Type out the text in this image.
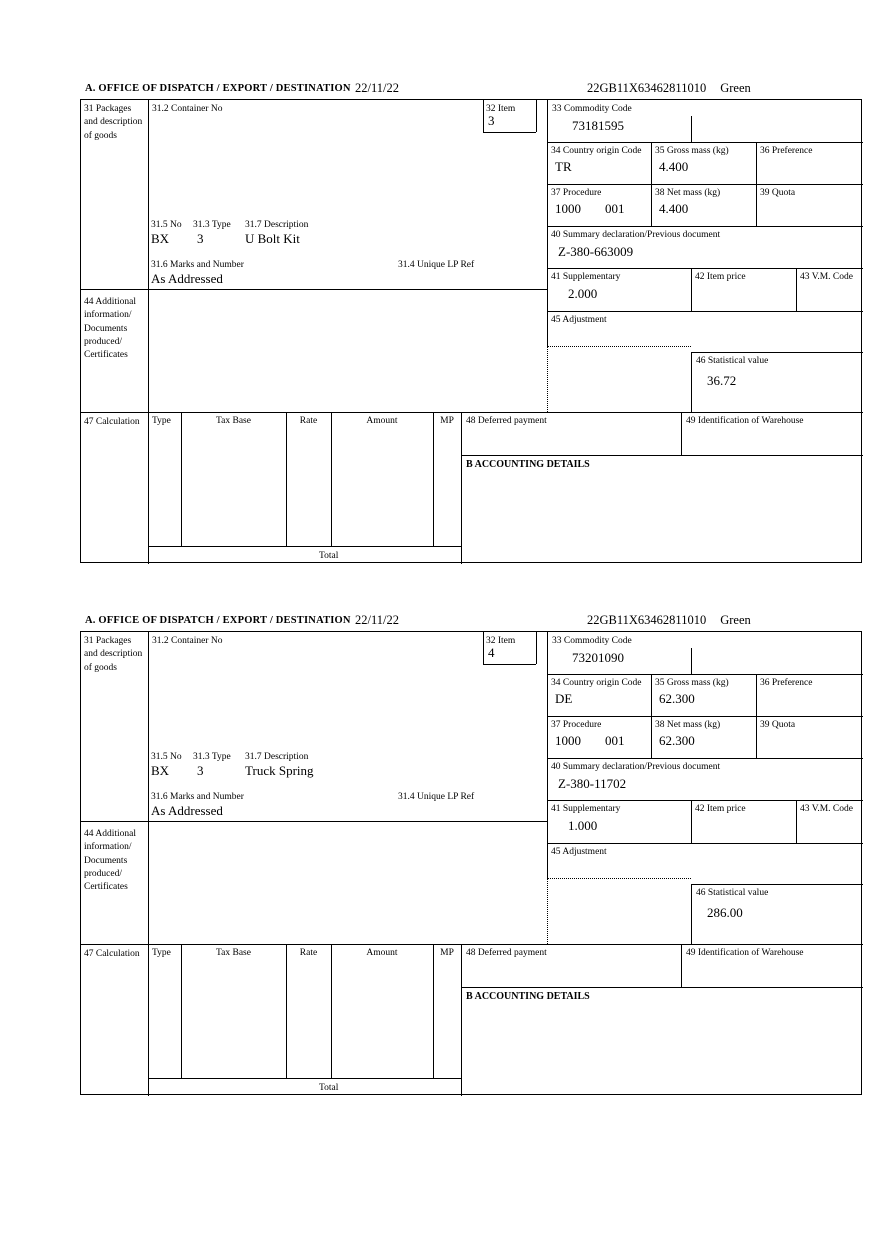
A. OFFICE OF DISPATCH / EXPORT / DESTINATION 22/11/22	22GB11X63462811010 Green
31 Packages and description of goods
44 Additional information/ Documents produced/ Certificates
47 Calculation
31.2 Container No	32 Item
3
31.5 No 31.3 Type 31.7 Description
BX 3	U Bolt Kit
31.6 Marks and Number	31.4 Unique LP Ref
As Addressed
33 Commodity Code
73181595
34 Country origin Code
TR
35 Gross mass (kg)
4.400
36 Preference
37 Procedure
1000 001
38 Net mass (kg)
4.400
39 Quota
40 Summary declaration/Previous document
Z-380-663009
41 Supplementary
2.000
42 Item price	43 V.M. Code
45 Adjustment
46 Statistical value
36.72
Type	Tax Base	Rate	Amount	MP
Total
48 Deferred payment	49 Identification of Warehouse
B ACCOUNTING DETAILS
A. OFFICE OF DISPATCH / EXPORT / DESTINATION 22/11/22	22GB11X63462811010 Green
31 Packages and description of goods
44 Additional information/ Documents produced/ Certificates
47 Calculation
31.2 Container No	32 Item
4
31.5 No 31.3 Type 31.7 Description
BX 3	Truck Spring
31.6 Marks and Number	31.4 Unique LP Ref
As Addressed
33 Commodity Code
73201090
34 Country origin Code
DE
35 Gross mass (kg)
62.300
36 Preference
37 Procedure
1000 001
38 Net mass (kg)
62.300
39 Quota
40 Summary declaration/Previous document
Z-380-11702
41 Supplementary
1.000
42 Item price	43 V.M. Code
45 Adjustment
46 Statistical value
286.00
Type	Tax Base	Rate	Amount	MP
Total
48 Deferred payment	49 Identification of Warehouse
B ACCOUNTING DETAILS
